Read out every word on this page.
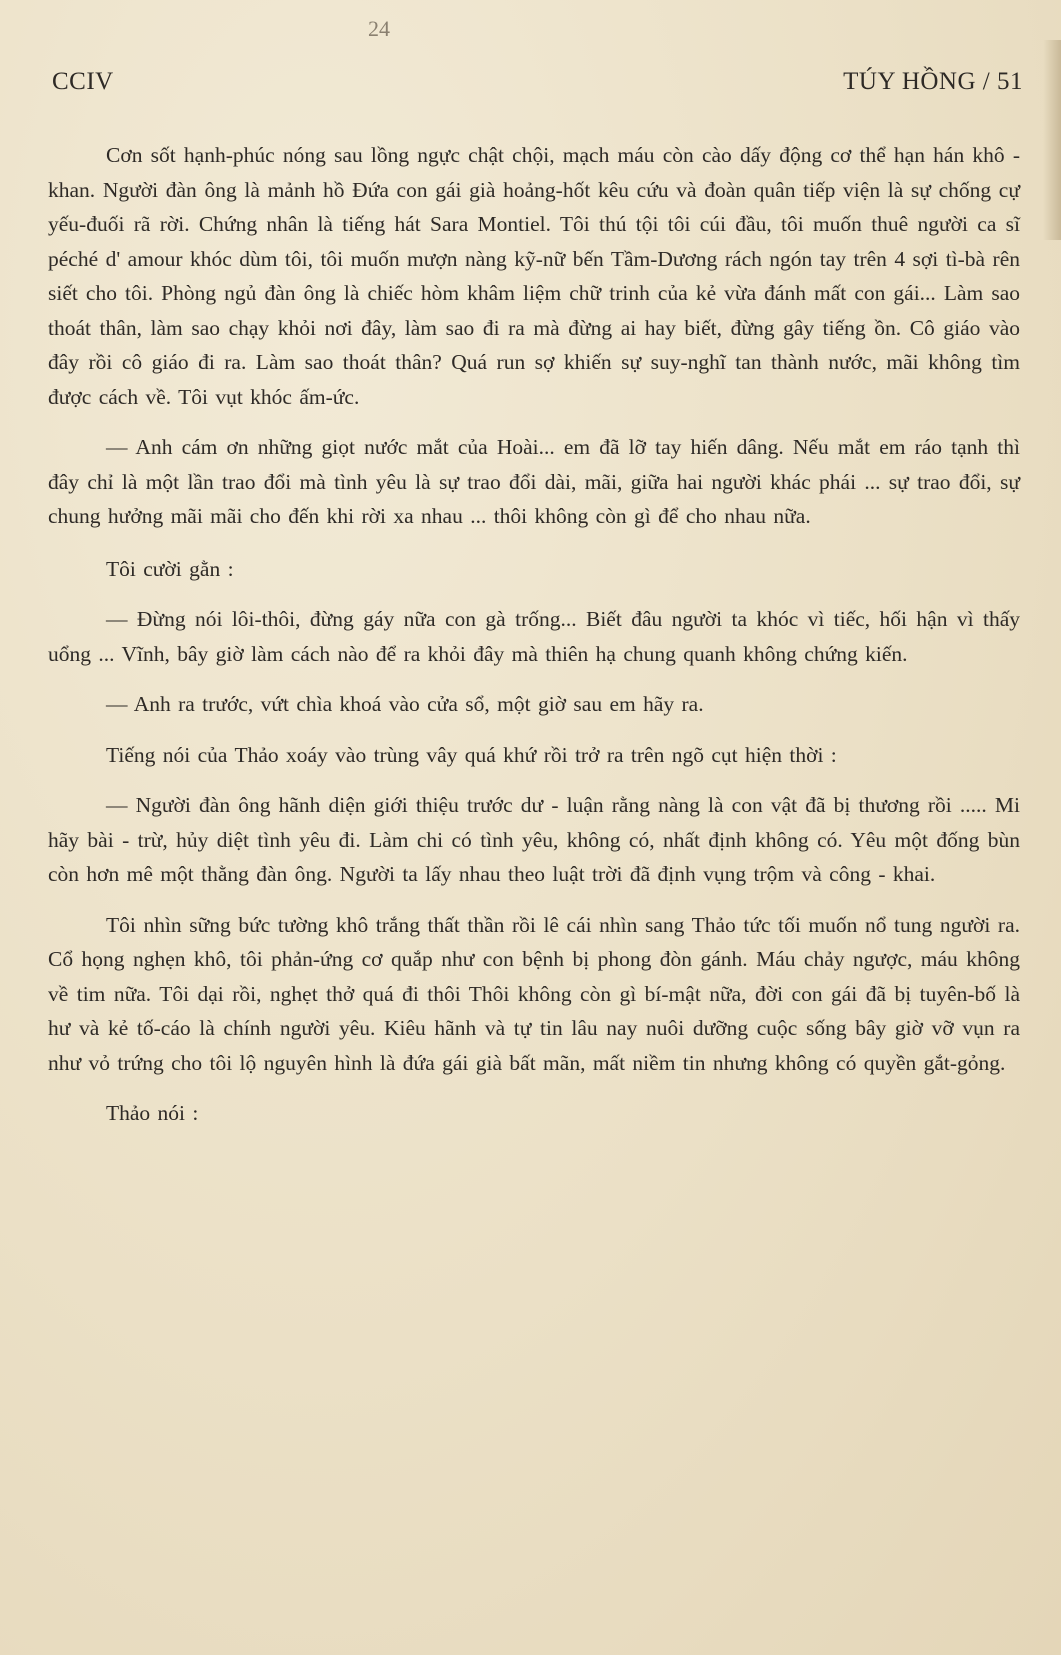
24
CCIV	TÚY HỒNG / 51

Cơn sốt hạnh-phúc nóng sau lồng ngực chật chội, mạch máu còn cào dấy động cơ thể hạn hán khô - khan. Người đàn ông là mảnh hồ Đứa con gái già hoảng-hốt kêu cứu và đoàn quân tiếp viện là sự chống cự yếu-đuối rã rời. Chứng nhân là tiếng hát Sara Montiel. Tôi thú tội tôi cúi đầu, tôi muốn thuê người ca sĩ péché d' amour khóc dùm tôi, tôi muốn mượn nàng kỹ-nữ bến Tầm-Dương rách ngón tay trên 4 sợi tì-bà rên siết cho tôi. Phòng ngủ đàn ông là chiếc hòm khâm liệm chữ trinh của kẻ vừa đánh mất con gái... Làm sao thoát thân, làm sao chạy khỏi nơi đây, làm sao đi ra mà đừng ai hay biết, đừng gây tiếng ồn. Cô giáo vào đây rồi cô giáo đi ra. Làm sao thoát thân? Quá run sợ khiến sự suy-nghĩ tan thành nước, mãi không tìm được cách về. Tôi vụt khóc ấm-ức.

— Anh cám ơn những giọt nước mắt của Hoài... em đã lỡ tay hiến dâng. Nếu mắt em ráo tạnh thì đây chỉ là một lần trao đổi mà tình yêu là sự trao đổi dài, mãi, giữa hai người khác phái ... sự trao đổi, sự chung hưởng mãi mãi cho đến khi rời xa nhau ... thôi không còn gì để cho nhau nữa.

Tôi cười gằn :

— Đừng nói lôi-thôi, đừng gáy nữa con gà trống... Biết đâu người ta khóc vì tiếc, hối hận vì thấy uổng ... Vĩnh, bây giờ làm cách nào để ra khỏi đây mà thiên hạ chung quanh không chứng kiến.

— Anh ra trước, vứt chìa khoá vào cửa sổ, một giờ sau em hãy ra.

Tiếng nói của Thảo xoáy vào trùng vây quá khứ rồi trở ra trên ngõ cụt hiện thời :

— Người đàn ông hãnh diện giới thiệu trước dư - luận rằng nàng là con vật đã bị thương rồi ..... Mi hãy bài - trừ, hủy diệt tình yêu đi. Làm chi có tình yêu, không có, nhất định không có. Yêu một đống bùn còn hơn mê một thằng đàn ông. Người ta lấy nhau theo luật trời đã định vụng trộm và công - khai.

Tôi nhìn sững bức tường khô trắng thất thần rồi lê cái nhìn sang Thảo tức tối muốn nổ tung người ra. Cổ họng nghẹn khô, tôi phản-ứng cơ quắp như con bệnh bị phong đòn gánh. Máu chảy ngược, máu không về tim nữa. Tôi dại rồi, nghẹt thở quá đi thôi Thôi không còn gì bí-mật nữa, đời con gái đã bị tuyên-bố là hư và kẻ tố-cáo là chính người yêu. Kiêu hãnh và tự tin lâu nay nuôi dưỡng cuộc sống bây giờ vỡ vụn ra như vỏ trứng cho tôi lộ nguyên hình là đứa gái già bất mãn, mất niềm tin nhưng không có quyền gắt-gỏng.

Thảo nói :
